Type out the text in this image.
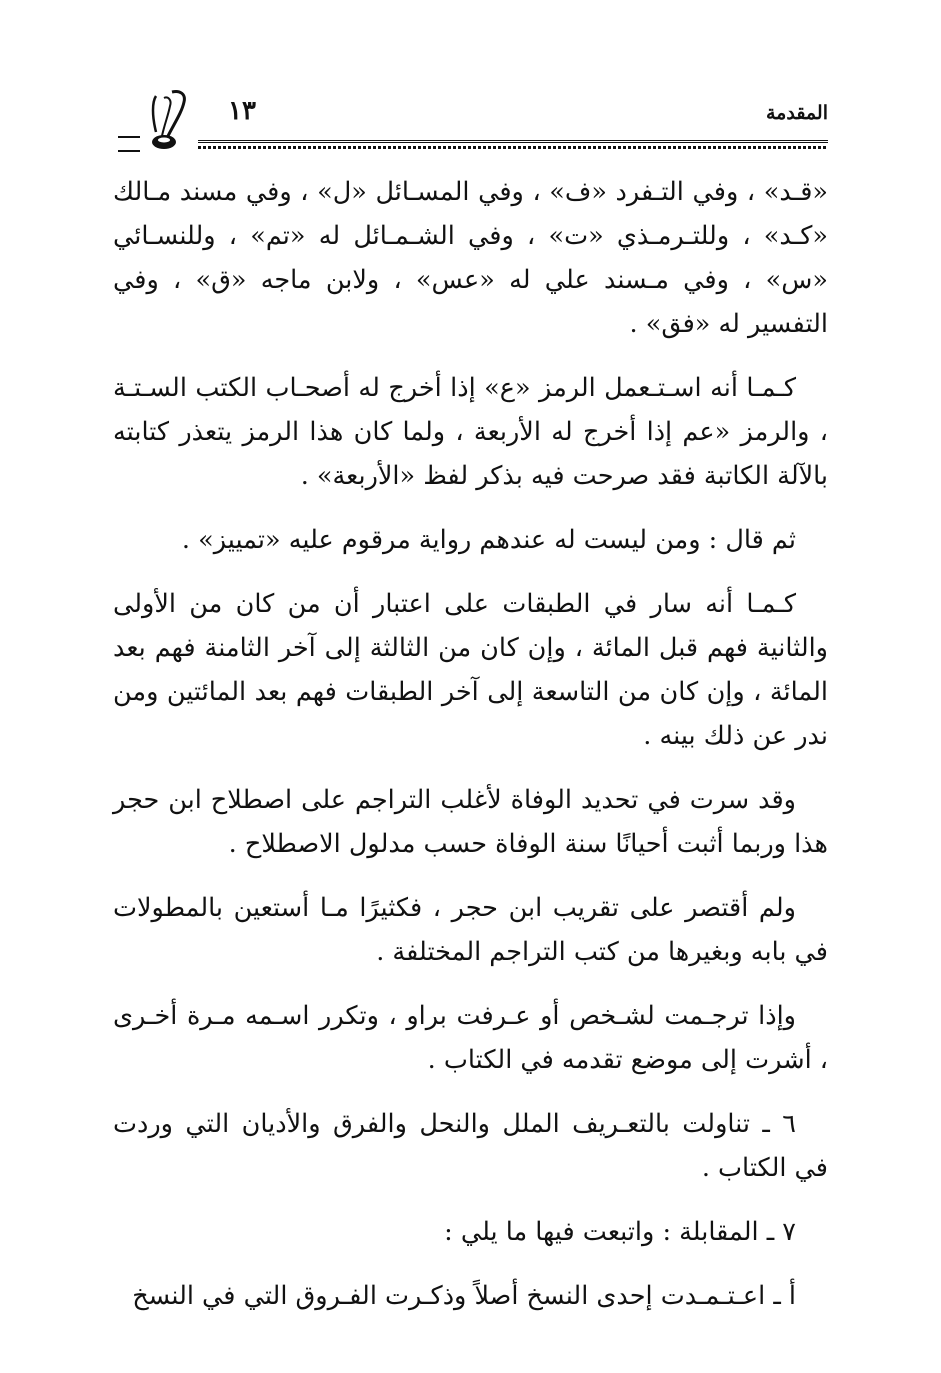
المقدمة
١٣

«قـد» ، وفي التـفرد «ف» ، وفي المسـائل «ل» ، وفي مسند مـالك «كـد» ، وللتـرمـذي «ت» ، وفي الشـمـائل له «تم» ، وللنسـائي «س» ، وفي مـسند علي له «عس» ، ولابن ماجه «ق» ، وفي التفسير له «فق» .

كـمـا أنه اسـتـعمل الرمز «ع» إذا أخرج له أصحـاب الكتب السـتـة ، والرمز «عم إذا أخرج له الأربعة ، ولما كان هذا الرمز يتعذر كتابته بالآلة الكاتبة فقد صرحت فيه بذكر لفظ «الأربعة» .

ثم قال : ومن ليست له عندهم رواية مرقوم عليه «تمييز» .

كـمـا أنه سار في الطبقات على اعتبار أن من كان من الأولى والثانية فهم قبل المائة ، وإن كان من الثالثة إلى آخر الثامنة فهم بعد المائة ، وإن كان من التاسعة إلى آخر الطبقات فهم بعد المائتين ومن ندر عن ذلك بينه .

وقد سرت في تحديد الوفاة لأغلب التراجم على اصطلاح ابن حجر هذا وربما أثبت أحيانًا سنة الوفاة حسب مدلول الاصطلاح .

ولم أقتصر على تقريب ابن حجر ، فكثيرًا مـا أستعين بالمطولات في بابه وبغيرها من كتب التراجم المختلفة .

وإذا ترجـمت لشـخص أو عـرفت براو ، وتكرر اسـمه مـرة أخـرى ، أشرت إلى موضع تقدمه في الكتاب .

٦ ـ تناولت بالتعـريف الملل والنحل والفرق والأديان التي وردت في الكتاب .

٧ ـ المقابلة : واتبعت فيها ما يلي :

أ ـ اعـتـمـدت إحدى النسخ أصلاً وذكـرت الفـروق التي في النسخ
